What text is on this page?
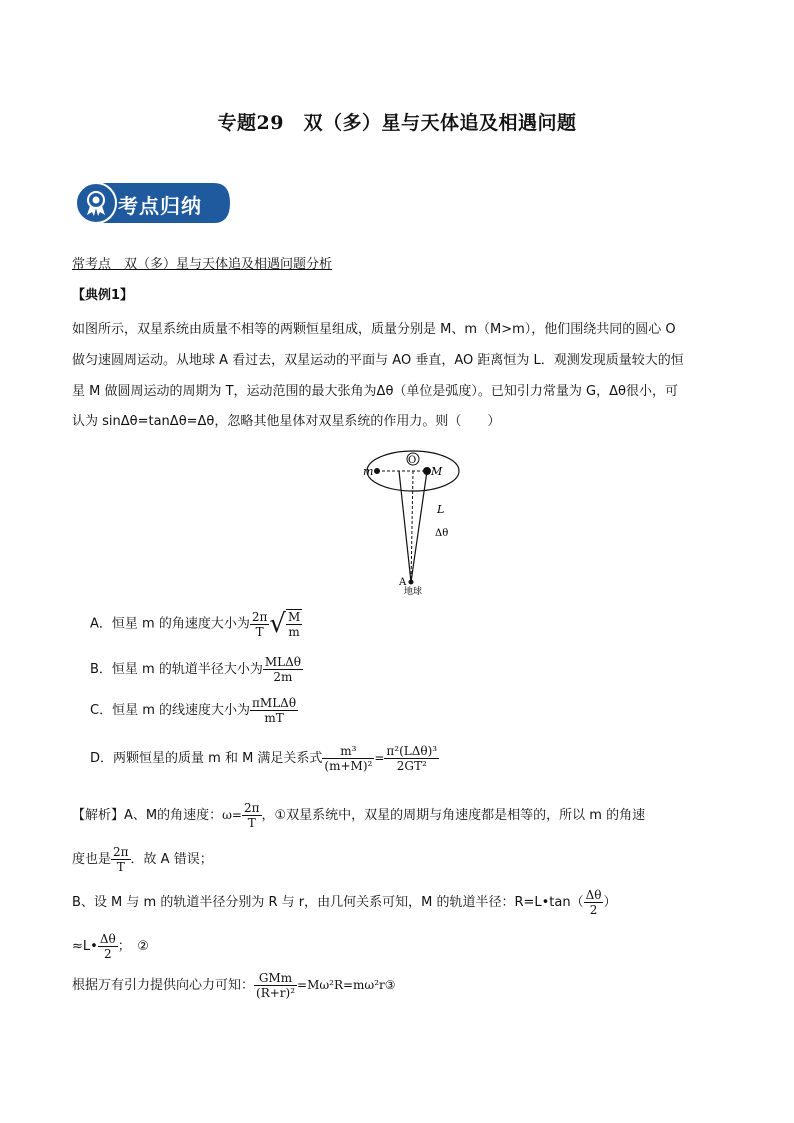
专题29　双（多）星与天体追及相遇问题
考点归纳
常考点　双（多）星与天体追及相遇问题分析
【典例1】
如图所示，双星系统由质量不相等的两颗恒星组成，质量分别是 M、m（M>m），他们围绕共同的圆心 O
做匀速圆周运动。从地球 A 看过去，双星运动的平面与 AO 垂直，AO 距离恒为 L．观测发现质量较大的恒
星 M 做圆周运动的周期为 T，运动范围的最大张角为Δθ（单位是弧度）。已知引力常量为 G，Δθ很小，可
认为 sinΔθ=tanΔθ=Δθ，忽略其他星体对双星系统的作用力。则（　　）
m
O
M
L
Δθ
A
地球
A．恒星 m 的角速度大小为 $\frac{2\pi}{T}$ √ $\frac{M}{m}$
B．恒星 m 的轨道半径大小为 $\frac{\text{MLΔθ}}{2m}$
C．恒星 m 的线速度大小为 $\frac{\text{πMLΔθ}}{mT}$
D．两颗恒星的质量 m 和 M 满足关系式 $\frac{\text{m³}}{\text{(m+M)²}} = \frac{\text{π²(LΔθ)³}}{\text{2GT²}}$
【解析】A、M的角速度：$\omega= \frac{2\pi}{T}$ ，①双星系统中，双星的周期与角速度都是相等的，所以 m 的角速
度也是 $\frac{2\pi}{T}$ ．故 A 错误；
B、设 M 与 m 的轨道半径分别为 R 与 r，由几何关系可知，M 的轨道半径：R=L•tan（ $\frac{\Delta\theta}{2}$ ）
≈L• $\frac{\Delta\theta}{2}$ ；　②
根据万有引力提供向心力可知： $\frac{\text{GMm}}{\text{(R+r)²}}$ =Mω²R=mω²r③
